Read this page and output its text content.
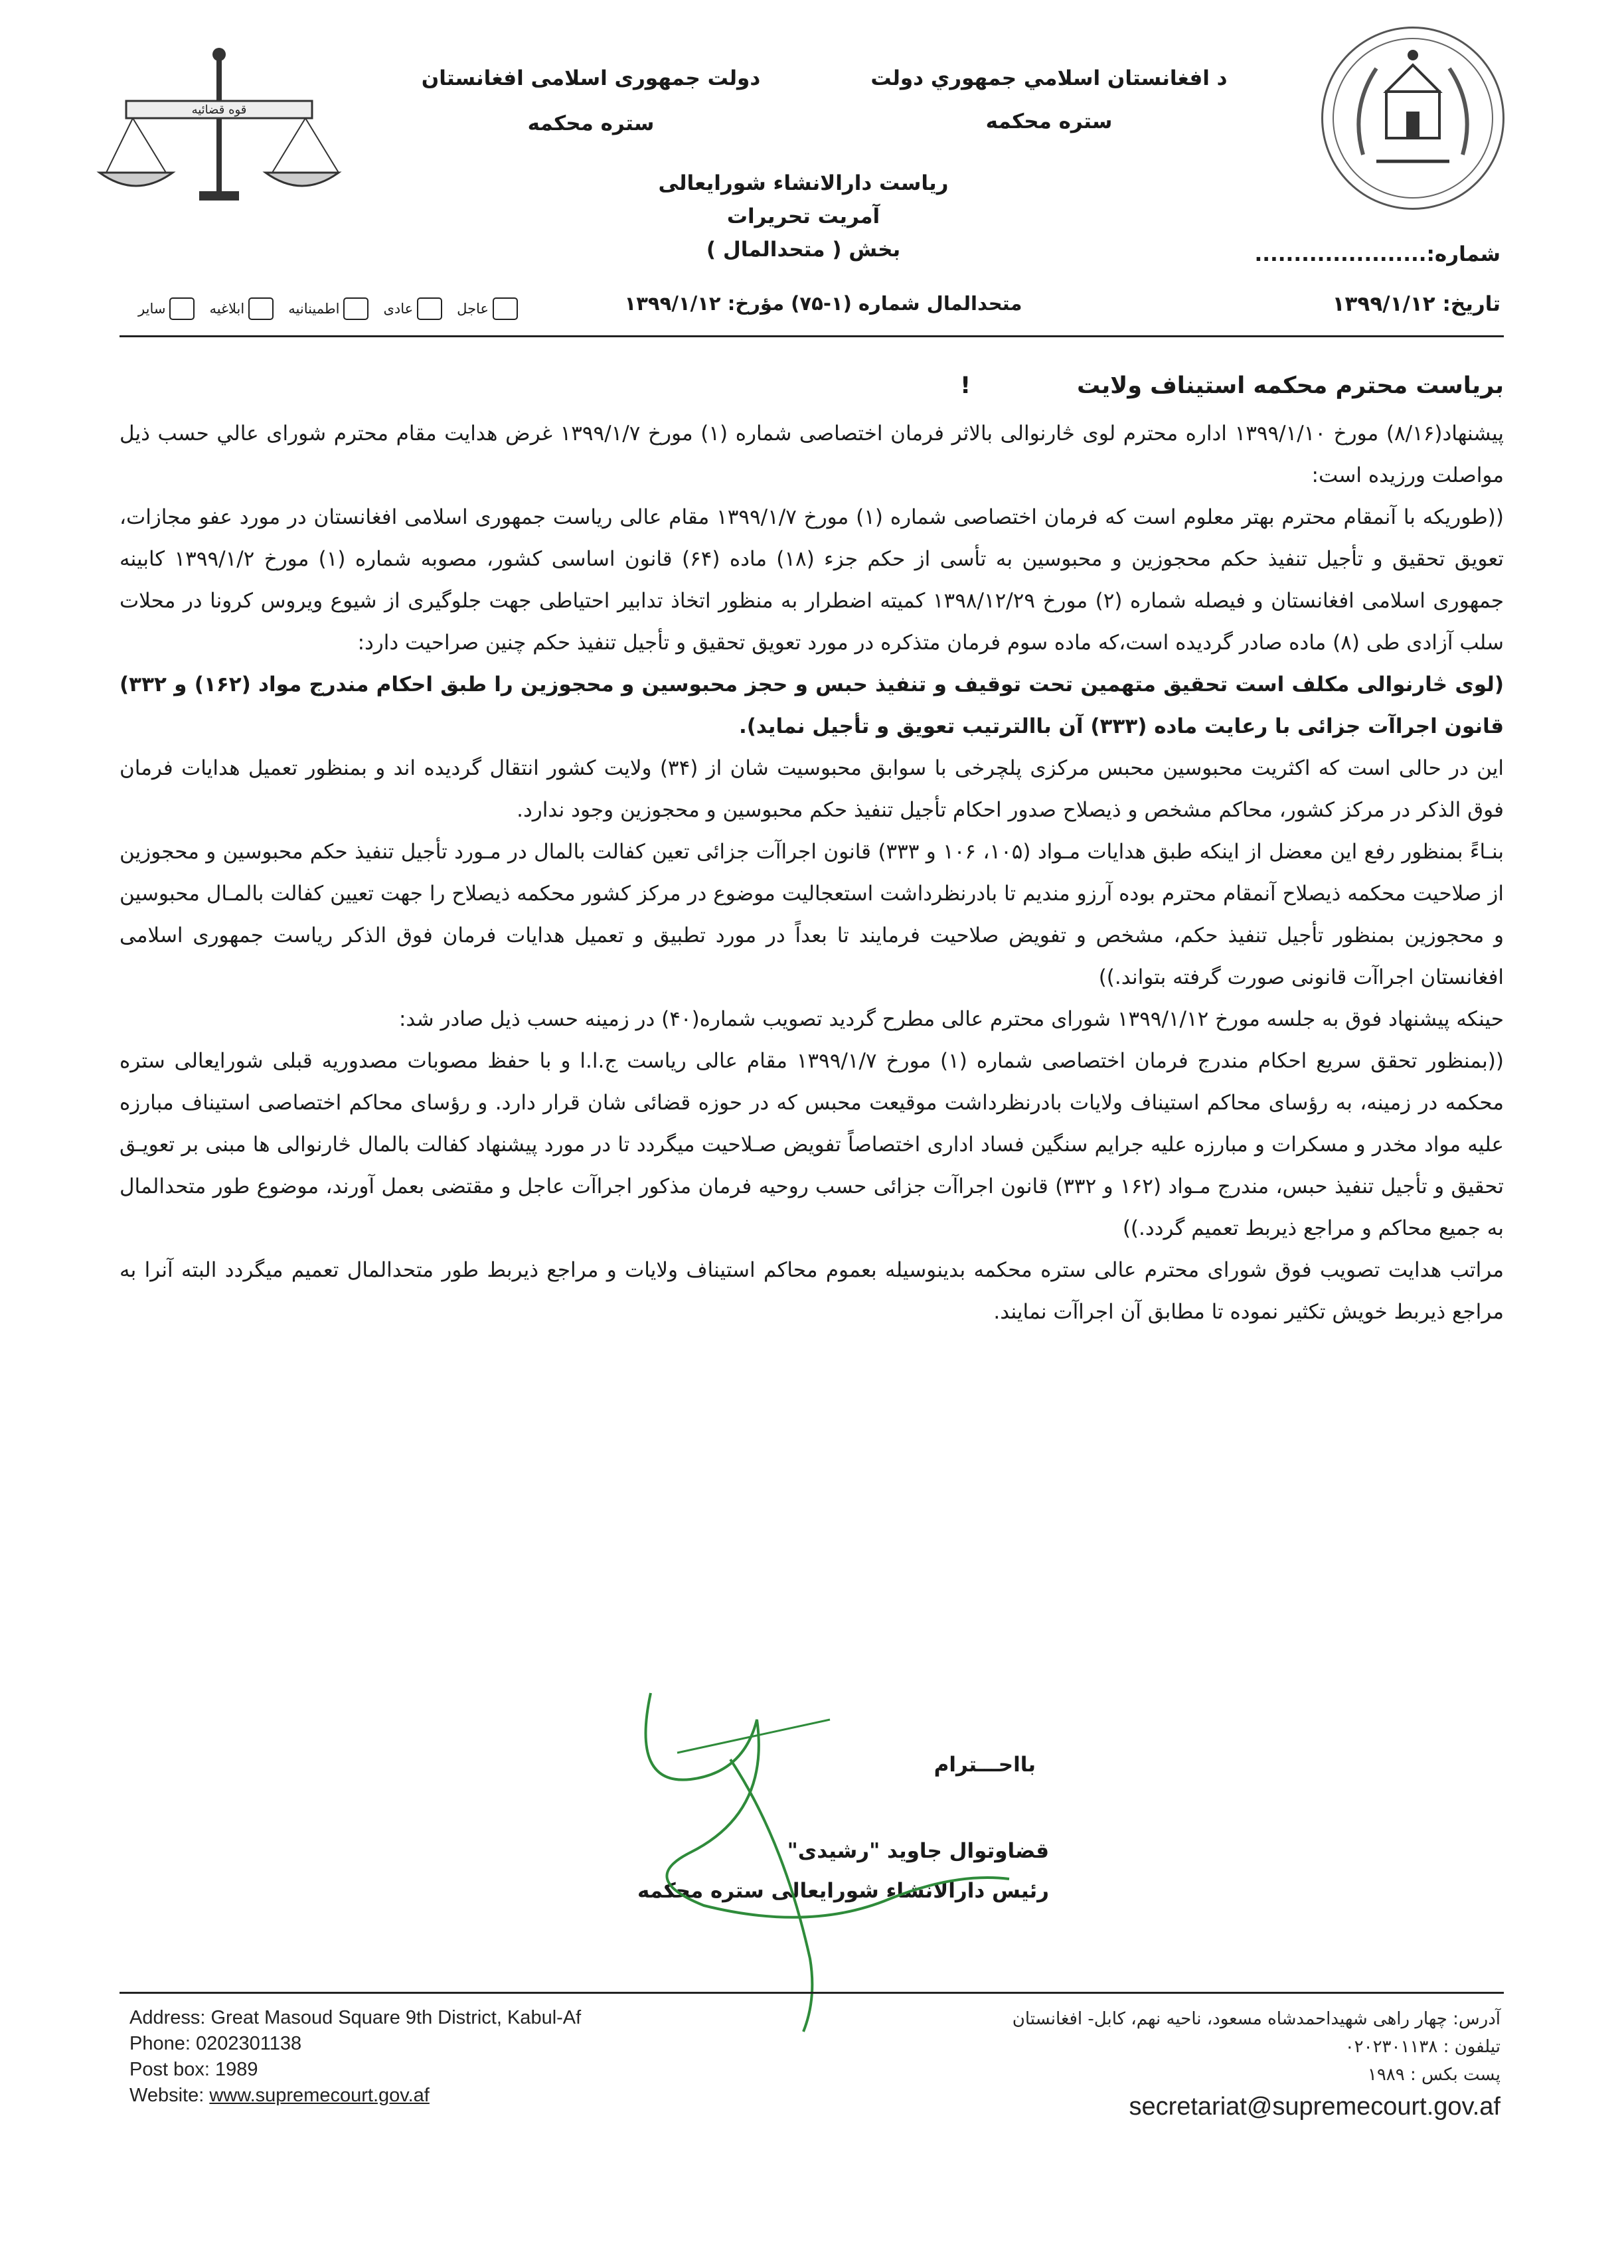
قوه قضائیه
د افغانستان اسلامي جمهوري دولت
ستره محکمه
دولت جمهوری اسلامی افغانستان
ستره محکمه
ریاست دارالانشاء شورایعالی
آمریت تحریرات
بخش ( متحدالمال )	شماره:......................
تاریخ: ۱۳۹۹/۱/۱۲
متحدالمال شماره (۱-۷۵) مؤرخ: ۱۳۹۹/۱/۱۲
عاجل
عادی
اطمینانیه
ابلاغیه
سایر

بریاست محترم محکمه استیناف ولایت !

پیشنهاد(۸/۱۶) مورخ ۱۳۹۹/۱/۱۰ اداره محترم لوی څارنوالی بالاثر فرمان اختصاصی شماره (۱) مورخ ۱۳۹۹/۱/۷ غرض هدایت مقام محترم شورای عالي حسب ذیل مواصلت ورزیده است:

((طوریکه با آنمقام محترم بهتر معلوم است که فرمان اختصاصی شماره (۱) مورخ ۱۳۹۹/۱/۷ مقام عالی ریاست جمهوری اسلامی افغانستان در مورد عفو مجازات، تعویق تحقیق و تأجیل تنفیذ حکم محجوزین و محبوسین به تأسی از حکم جزء (۱۸) ماده (۶۴) قانون اساسی کشور، مصوبه شماره (۱) مورخ ۱۳۹۹/۱/۲ کابینه جمهوری اسلامی افغانستان و فیصله شماره (۲) مورخ ۱۳۹۸/۱۲/۲۹ کمیته اضطرار به منظور اتخاذ تدابیر احتیاطی جهت جلوگیری از شیوع ویروس کرونا در محلات سلب آزادی طی (۸) ماده صادر گردیده است،که ماده سوم فرمان متذکره در مورد تعویق تحقیق و تأجیل تنفیذ حکم چنین صراحیت دارد:

(لوی څارنوالی مکلف است تحقیق متهمین تحت توقیف و تنفیذ حبس و حجز محبوسین و محجوزین را طبق احکام مندرج مواد (۱۶۲) و ۳۳۲) قانون اجراآت جزائی با رعایت ماده (۳۳۳) آن باالترتیب تعویق و تأجیل نماید).

این در حالی است که اکثریت محبوسین محبس مرکزی پلچرخی با سوابق محبوسیت شان از (۳۴) ولایت کشور انتقال گردیده اند و بمنظور تعمیل هدایات فرمان فوق الذکر در مرکز کشور، محاکم مشخص و ذیصلاح صدور احکام تأجیل تنفیذ حکم محبوسین و محجوزین وجود ندارد.

بنـاءً بمنظور رفع این معضل از اینکه طبق هدایات مـواد (۱۰۵، ۱۰۶ و ۳۳۳) قانون اجراآت جزائی تعین کفالت بالمال در مـورد تأجیل تنفیذ حکم محبوسین و محجوزین از صلاحیت محکمه ذیصلاح آنمقام محترم بوده آرزو مندیم تا بادرنظرداشت استعجالیت موضوع در مرکز کشور محکمه ذیصلاح را جهت تعیین کفالت بالمـال محبوسین و محجوزین بمنظور تأجیل تنفیذ حکم، مشخص و تفویض صلاحیت فرمایند تا بعداً در مورد تطبیق و تعمیل هدایات فرمان فوق الذکر ریاست جمهوری اسلامی افغانستان اجراآت قانونی صورت گرفته بتواند.))

حینکه پیشنهاد فوق به جلسه مورخ ۱۳۹۹/۱/۱۲ شورای محترم عالی مطرح گردید تصویب شماره(۴۰) در زمینه حسب ذیل صادر شد:

((بمنظور تحقق سریع احکام مندرج فرمان اختصاصی شماره (۱) مورخ ۱۳۹۹/۱/۷ مقام عالی ریاست ج.ا.ا و با حفظ مصوبات مصدوریه قبلی شورایعالی ستره محکمه در زمینه، به رؤسای محاکم استیناف ولایات بادرنظرداشت موقیعت محبس که در حوزه قضائی شان قرار دارد. و رؤسای محاکم اختصاصی استیناف مبارزه علیه مواد مخدر و مسکرات و مبارزه علیه جرایم سنگین فساد اداری اختصاصاً تفویض صـلاحیت میگردد تا در مورد پیشنهاد کفالت بالمال څارنوالی ها مبنی بر تعویـق تحقیق و تأجیل تنفیذ حبس، مندرج مـواد (۱۶۲ و ۳۳۲) قانون اجراآت جزائی حسب روحیه فرمان مذکور اجراآت عاجل و مقتضی بعمل آورند، موضوع طور متحدالمال به جمیع محاکم و مراجع ذیربط تعمیم گردد.))

مراتب هدایت تصویب فوق شورای محترم عالی ستره محکمه بدینوسیله بعموم محاکم استیناف ولایات و مراجع ذیربط طور متحدالمال تعمیم میگردد البته آنرا به مراجع ذیربط خویش تکثیر نموده تا مطابق آن اجراآت نمایند.

بااحـــترام
قضاوتوال جاوید "رشیدی"
رئیس دارالانشاء شورایعالی ستره محکمه
Address: Great Masoud Square 9th District, Kabul-Af
Phone: 0202301138
Post box: 1989
Website: www.supremecourt.gov.af
آدرس: چهار راهی شهیداحمدشاه مسعود، ناحیه نهم، کابل- افغانستان
تیلفون : ۰۲۰۲۳۰۱۱۳۸
پست بکس : ۱۹۸۹
secretariat@supremecourt.gov.af
